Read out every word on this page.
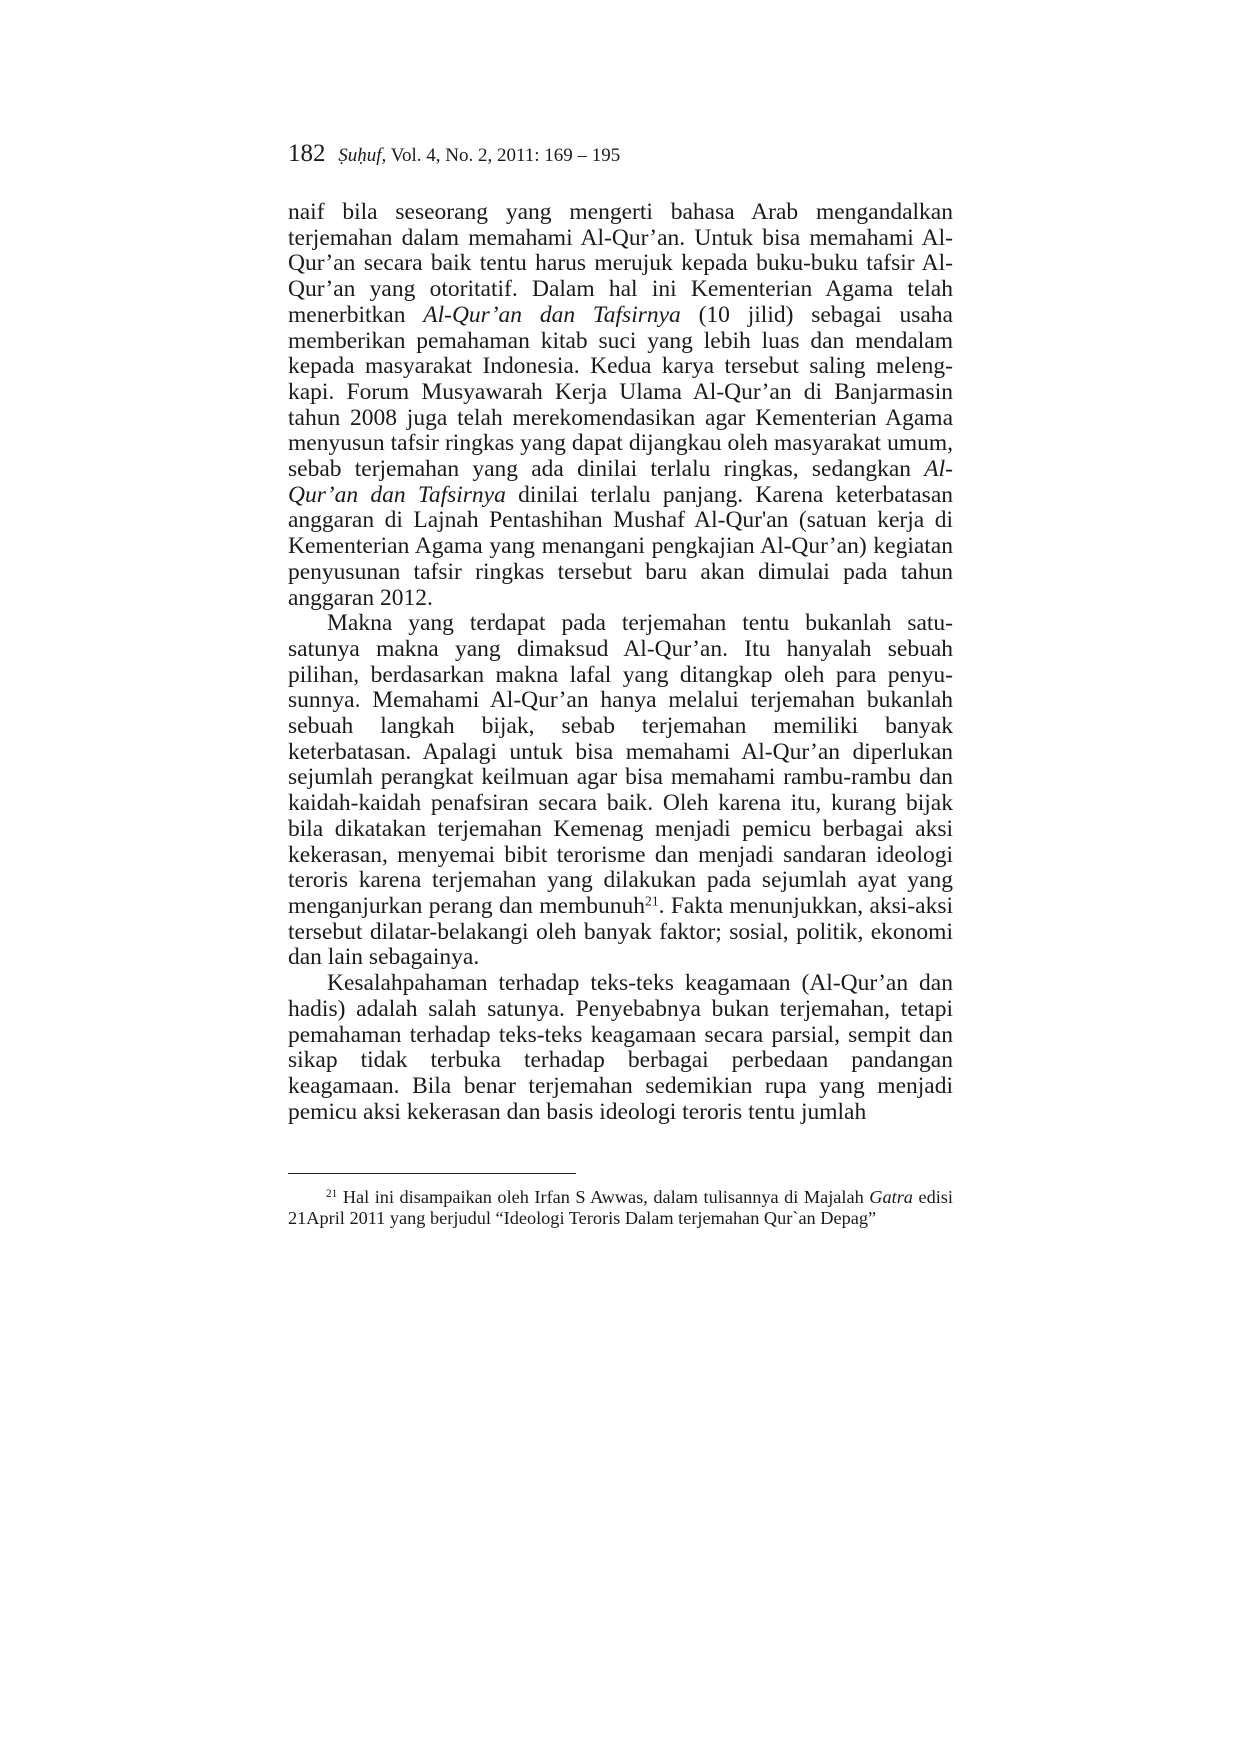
182 Ṣuḥuf, Vol. 4, No. 2, 2011: 169 – 195

naif bila seseorang yang mengerti bahasa Arab mengandalkan terjemahan dalam memahami Al-Qur’an. Untuk bisa memahami Al-Qur’an secara baik tentu harus merujuk kepada buku-buku tafsir Al-Qur’an yang otoritatif. Dalam hal ini Kementerian Agama telah menerbitkan Al-Qur’an dan Tafsirnya (10 jilid) sebagai usaha memberikan pemahaman kitab suci yang lebih luas dan mendalam kepada masyarakat Indonesia. Kedua karya tersebut saling melengkapi. Forum Musyawarah Kerja Ulama Al-Qur’an di Banjarmasin tahun 2008 juga telah merekomendasikan agar Kementerian Agama menyusun tafsir ringkas yang dapat dijangkau oleh masyarakat umum, sebab terjemahan yang ada dinilai terlalu ringkas, sedangkan Al-Qur’an dan Tafsirnya dinilai terlalu panjang. Karena keterbatasan anggaran di Lajnah Pentashihan Mushaf Al-Qur'an (satuan kerja di Kementerian Agama yang menangani pengkajian Al-Qur’an) kegiatan penyusunan tafsir ringkas tersebut baru akan dimulai pada tahun anggaran 2012.

Makna yang terdapat pada terjemahan tentu bukanlah satu-satunya makna yang dimaksud Al-Qur’an. Itu hanyalah sebuah pilihan, berdasarkan makna lafal yang ditangkap oleh para penyusunnya. Memahami Al-Qur’an hanya melalui terjemahan bukanlah sebuah langkah bijak, sebab terjemahan memiliki banyak keterbatasan. Apalagi untuk bisa memahami Al-Qur’an diperlukan sejumlah perangkat keilmuan agar bisa memahami rambu-rambu dan kaidah-kaidah penafsiran secara baik. Oleh karena itu, kurang bijak bila dikatakan terjemahan Kemenag menjadi pemicu berbagai aksi kekerasan, menyemai bibit terorisme dan menjadi sandaran ideologi teroris karena terjemahan yang dilakukan pada sejumlah ayat yang menganjurkan perang dan membunuh$^{21}$. Fakta menunjukkan, aksi-aksi tersebut dilatar-belakangi oleh banyak faktor; sosial, politik, ekonomi dan lain sebagainya.

Kesalahpahaman terhadap teks-teks keagamaan (Al-Qur’an dan hadis) adalah salah satunya. Penyebabnya bukan terjemahan, tetapi pemahaman terhadap teks-teks keagamaan secara parsial, sempit dan sikap tidak terbuka terhadap berbagai perbedaan pandangan keagamaan. Bila benar terjemahan sedemikian rupa yang menjadi pemicu aksi kekerasan dan basis ideologi teroris tentu jumlah

$^{21}$ Hal ini disampaikan oleh Irfan S Awwas, dalam tulisannya di Majalah Gatra edisi 21April 2011 yang berjudul “Ideologi Teroris Dalam terjemahan Qur`an Depag”
